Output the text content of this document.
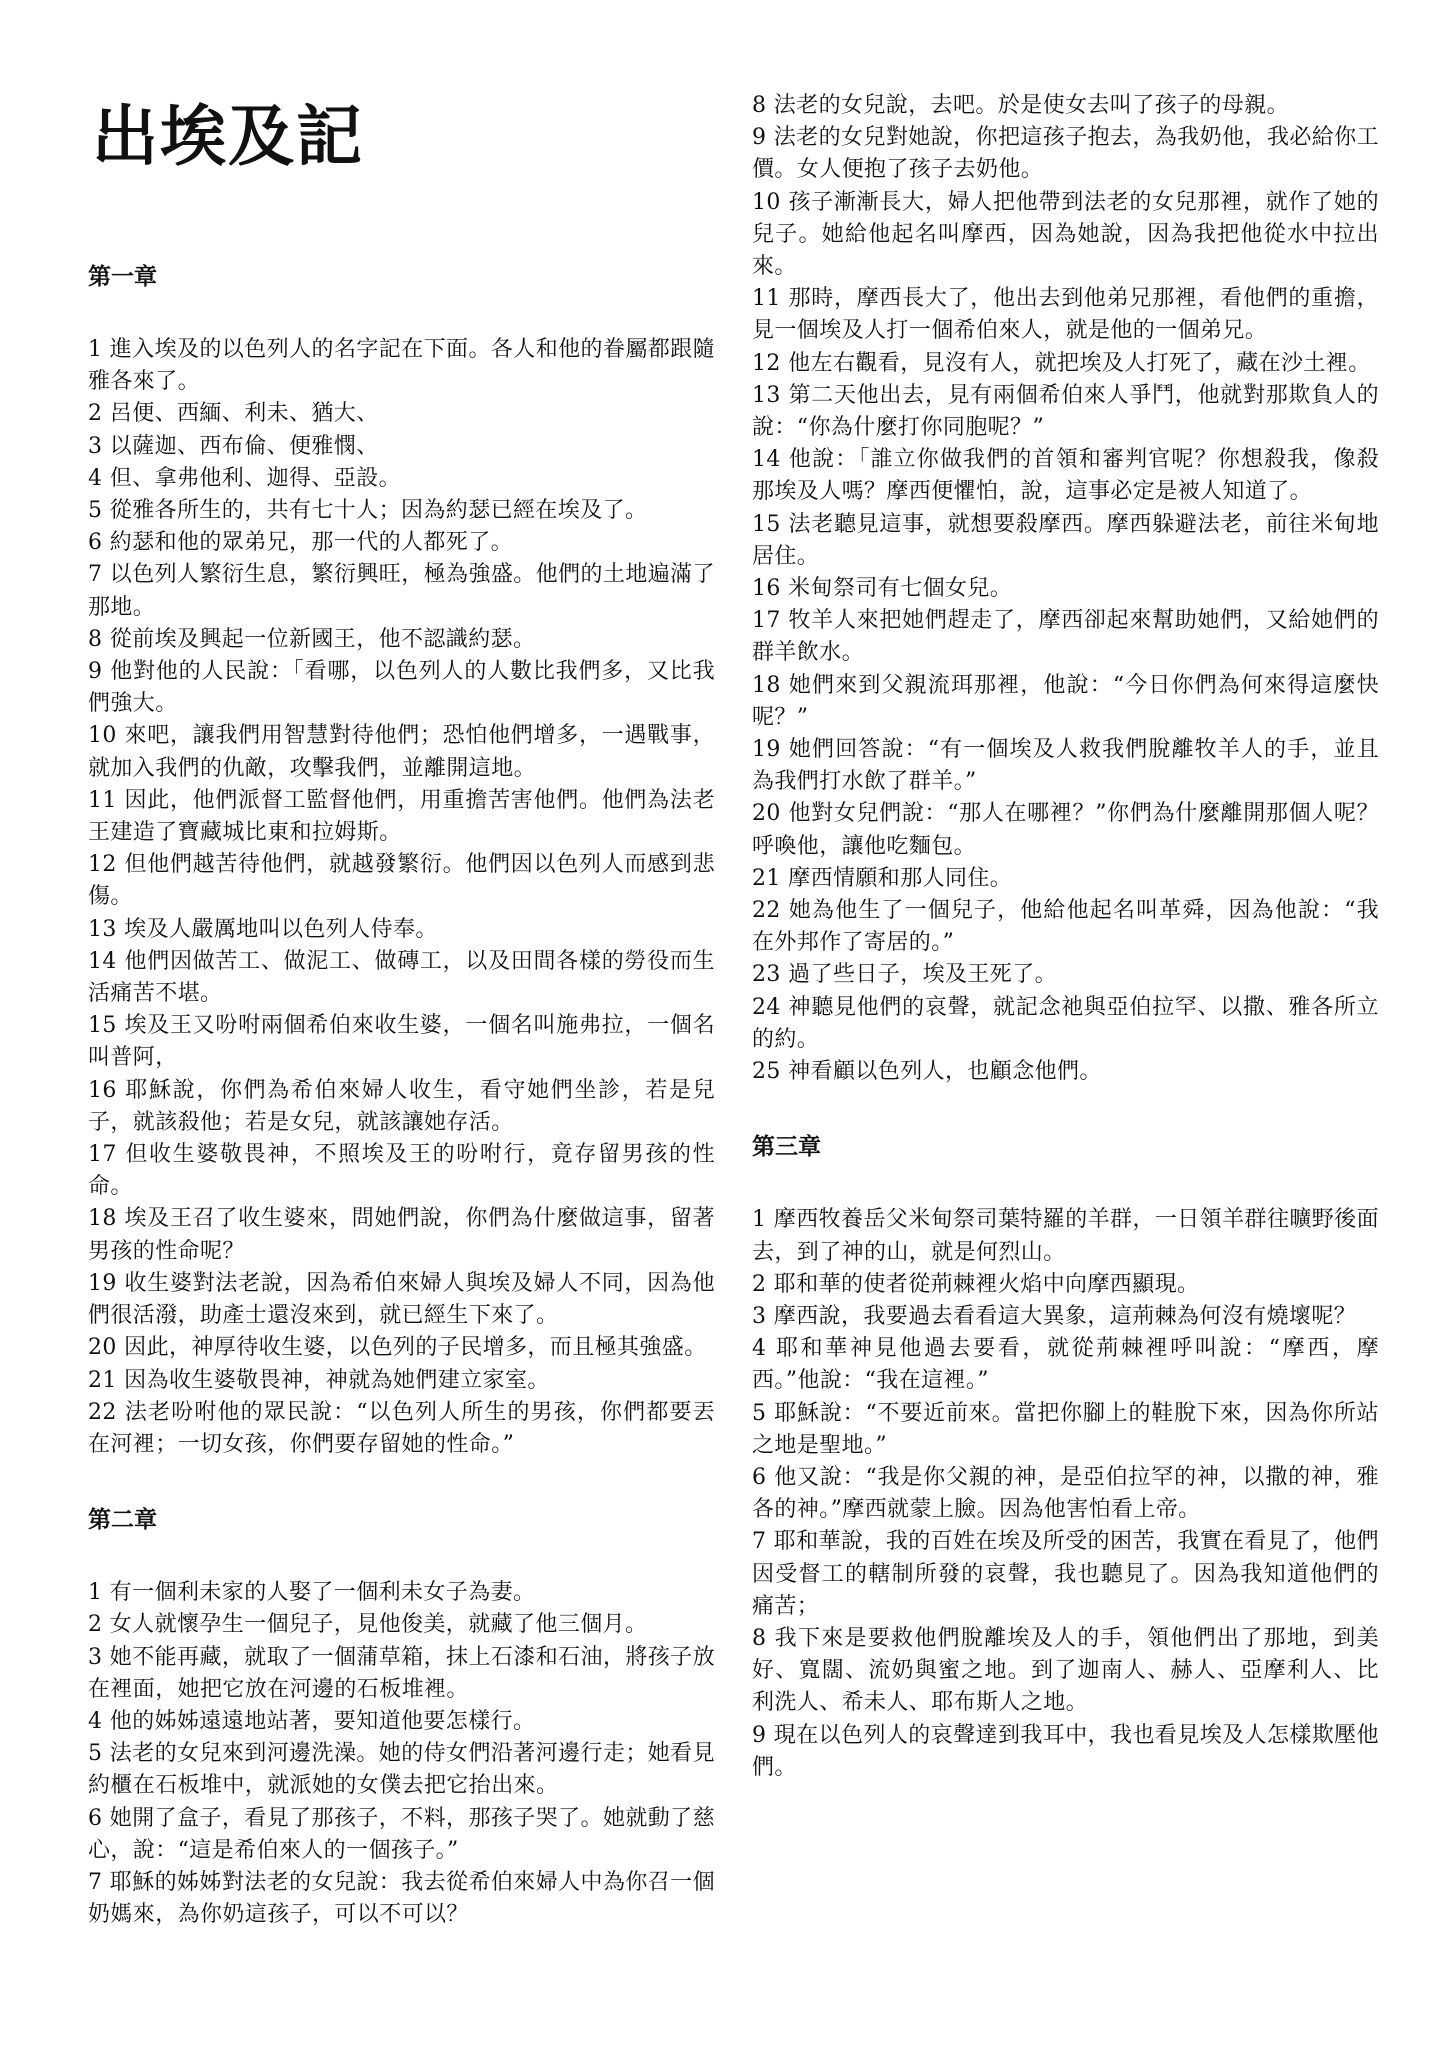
出埃及記
第一章

1 進入埃及的以色列人的名字記在下面。各人和他的眷屬都跟隨雅各來了。

2 呂便、西緬、利未、猶大、

3 以薩迦、西布倫、便雅憫、

4 但、拿弗他利、迦得、亞設。

5 從雅各所生的，共有七十人；因為約瑟已經在埃及了。

6 約瑟和他的眾弟兄，那一代的人都死了。

7 以色列人繁衍生息，繁衍興旺，極為強盛。他們的土地遍滿了那地。

8 從前埃及興起一位新國王，他不認識約瑟。

9 他對他的人民說：「看哪，以色列人的人數比我們多，又比我們強大。

10 來吧，讓我們用智慧對待他們；恐怕他們增多，一遇戰事，就加入我們的仇敵，攻擊我們，並離開這地。

11 因此，他們派督工監督他們，用重擔苦害他們。他們為法老王建造了寶藏城比東和拉姆斯。

12 但他們越苦待他們，就越發繁衍。他們因以色列人而感到悲傷。

13 埃及人嚴厲地叫以色列人侍奉。

14 他們因做苦工、做泥工、做磚工，以及田間各樣的勞役而生活痛苦不堪。

15 埃及王又吩咐兩個希伯來收生婆，一個名叫施弗拉，一個名叫普阿，

16 耶穌說，你們為希伯來婦人收生，看守她們坐診，若是兒子，就該殺他；若是女兒，就該讓她存活。

17 但收生婆敬畏神，不照埃及王的吩咐行，竟存留男孩的性命。

18 埃及王召了收生婆來，問她們說，你們為什麼做這事，留著男孩的性命呢？

19 收生婆對法老說，因為希伯來婦人與埃及婦人不同，因為他們很活潑，助產士還沒來到，就已經生下來了。

20 因此，神厚待收生婆，以色列的子民增多，而且極其強盛。

21 因為收生婆敬畏神，神就為她們建立家室。

22 法老吩咐他的眾民說：“以色列人所生的男孩，你們都要丟在河裡；一切女孩，你們要存留她的性命。”

第二章

1 有一個利未家的人娶了一個利未女子為妻。

2 女人就懷孕生一個兒子，見他俊美，就藏了他三個月。

3 她不能再藏，就取了一個蒲草箱，抹上石漆和石油，將孩子放在裡面，她把它放在河邊的石板堆裡。

4 他的姊姊遠遠地站著，要知道他要怎樣行。

5 法老的女兒來到河邊洗澡。她的侍女們沿著河邊行走；她看見約櫃在石板堆中，就派她的女僕去把它抬出來。

6 她開了盒子，看見了那孩子，不料，那孩子哭了。她就動了慈心，說：“這是希伯來人的一個孩子。”

7 耶穌的姊姊對法老的女兒說：我去從希伯來婦人中為你召一個奶媽來，為你奶這孩子，可以不可以？

8 法老的女兒說，去吧。於是使女去叫了孩子的母親。

9 法老的女兒對她說，你把這孩子抱去，為我奶他，我必給你工價。女人便抱了孩子去奶他。

10 孩子漸漸長大，婦人把他帶到法老的女兒那裡，就作了她的兒子。她給他起名叫摩西，因為她說，因為我把他從水中拉出來。

11 那時，摩西長大了，他出去到他弟兄那裡，看他們的重擔，見一個埃及人打一個希伯來人，就是他的一個弟兄。

12 他左右觀看，見沒有人，就把埃及人打死了，藏在沙土裡。

13 第二天他出去，見有兩個希伯來人爭鬥，他就對那欺負人的說：“你為什麼打你同胞呢？”

14 他說：「誰立你做我們的首領和審判官呢？你想殺我，像殺那埃及人嗎？摩西便懼怕，說，這事必定是被人知道了。

15 法老聽見這事，就想要殺摩西。摩西躲避法老，前往米甸地居住。

16 米甸祭司有七個女兒。

17 牧羊人來把她們趕走了，摩西卻起來幫助她們，又給她們的群羊飲水。

18 她們來到父親流珥那裡，他說：“今日你們為何來得這麼快呢？”

19 她們回答說：“有一個埃及人救我們脫離牧羊人的手，並且為我們打水飲了群羊。”

20 他對女兒們說：“那人在哪裡？”你們為什麼離開那個人呢？呼喚他，讓他吃麵包。

21 摩西情願和那人同住。

22 她為他生了一個兒子，他給他起名叫革舜，因為他說：“我在外邦作了寄居的。”

23 過了些日子，埃及王死了。

24 神聽見他們的哀聲，就記念祂與亞伯拉罕、以撒、雅各所立的約。

25 神看顧以色列人，也顧念他們。

第三章

1 摩西牧養岳父米甸祭司葉特羅的羊群，一日領羊群往曠野後面去，到了神的山，就是何烈山。

2 耶和華的使者從荊棘裡火焰中向摩西顯現。

3 摩西說，我要過去看看這大異象，這荊棘為何沒有燒壞呢？

4 耶和華神見他過去要看，就從荊棘裡呼叫說：“摩西，摩西。”他說：“我在這裡。”

5 耶穌說：“不要近前來。當把你腳上的鞋脫下來，因為你所站之地是聖地。”

6 他又說：“我是你父親的神，是亞伯拉罕的神，以撒的神，雅各的神。”摩西就蒙上臉。因為他害怕看上帝。

7 耶和華說，我的百姓在埃及所受的困苦，我實在看見了，他們因受督工的轄制所發的哀聲，我也聽見了。因為我知道他們的痛苦；

8 我下來是要救他們脫離埃及人的手，領他們出了那地，到美好、寬闊、流奶與蜜之地。到了迦南人、赫人、亞摩利人、比利洗人、希未人、耶布斯人之地。

9 現在以色列人的哀聲達到我耳中，我也看見埃及人怎樣欺壓他們。
